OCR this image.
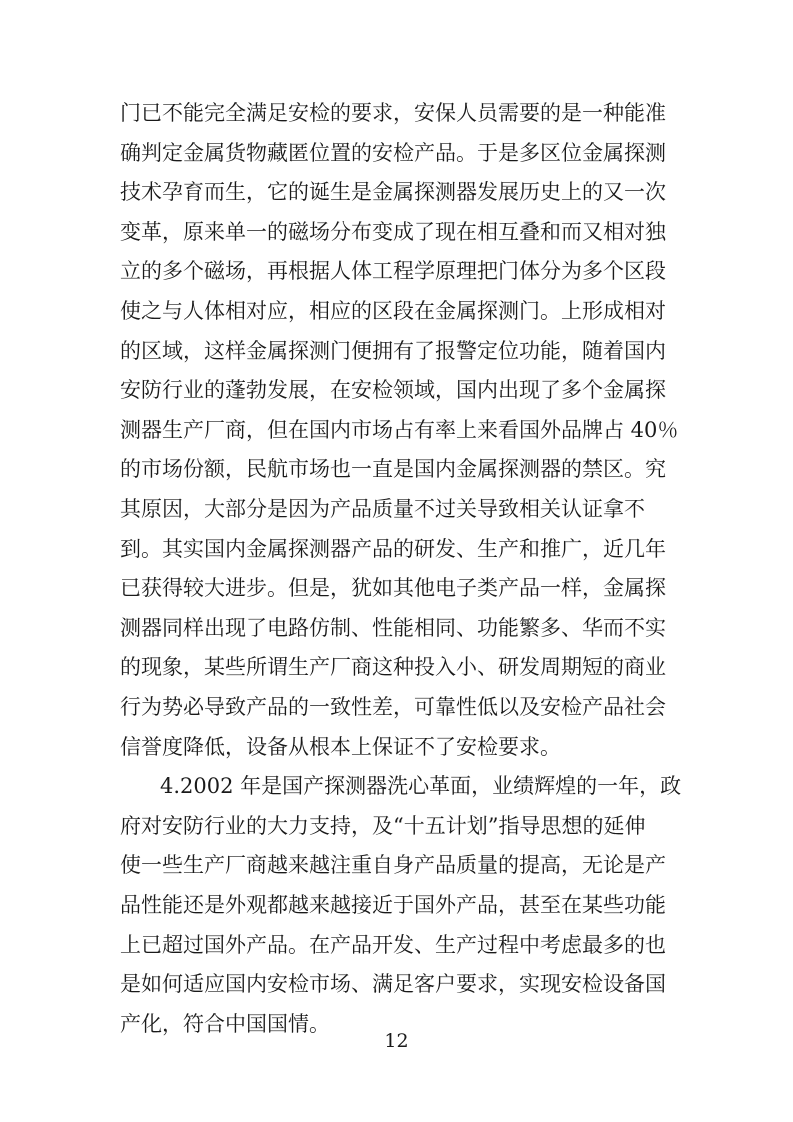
门已不能完全满足安检的要求，安保人员需要的是一种能准
确判定金属货物藏匿位置的安检产品。于是多区位金属探测
技术孕育而生，它的诞生是金属探测器发展历史上的又一次
变革，原来单一的磁场分布变成了现在相互叠和而又相对独
立的多个磁场，再根据人体工程学原理把门体分为多个区段
使之与人体相对应，相应的区段在金属探测门。上形成相对
的区域，这样金属探测门便拥有了报警定位功能，随着国内
安防行业的蓬勃发展，在安检领域，国内出现了多个金属探
测器生产厂商，但在国内市场占有率上来看国外品牌占 40％
的市场份额，民航市场也一直是国内金属探测器的禁区。究
其原因，大部分是因为产品质量不过关导致相关认证拿不
到。其实国内金属探测器产品的研发、生产和推广，近几年
已获得较大进步。但是，犹如其他电子类产品一样，金属探
测器同样出现了电路仿制、性能相同、功能繁多、华而不实
的现象，某些所谓生产厂商这种投入小、研发周期短的商业
行为势必导致产品的一致性差，可靠性低以及安检产品社会
信誉度降低，设备从根本上保证不了安检要求。
4.2002 年是国产探测器洗心革面，业绩辉煌的一年，政
府对安防行业的大力支持，及“十五计划”指导思想的延伸
使一些生产厂商越来越注重自身产品质量的提高，无论是产
品性能还是外观都越来越接近于国外产品，甚至在某些功能
上已超过国外产品。在产品开发、生产过程中考虑最多的也
是如何适应国内安检市场、满足客户要求，实现安检设备国
产化，符合中国国情。
12
